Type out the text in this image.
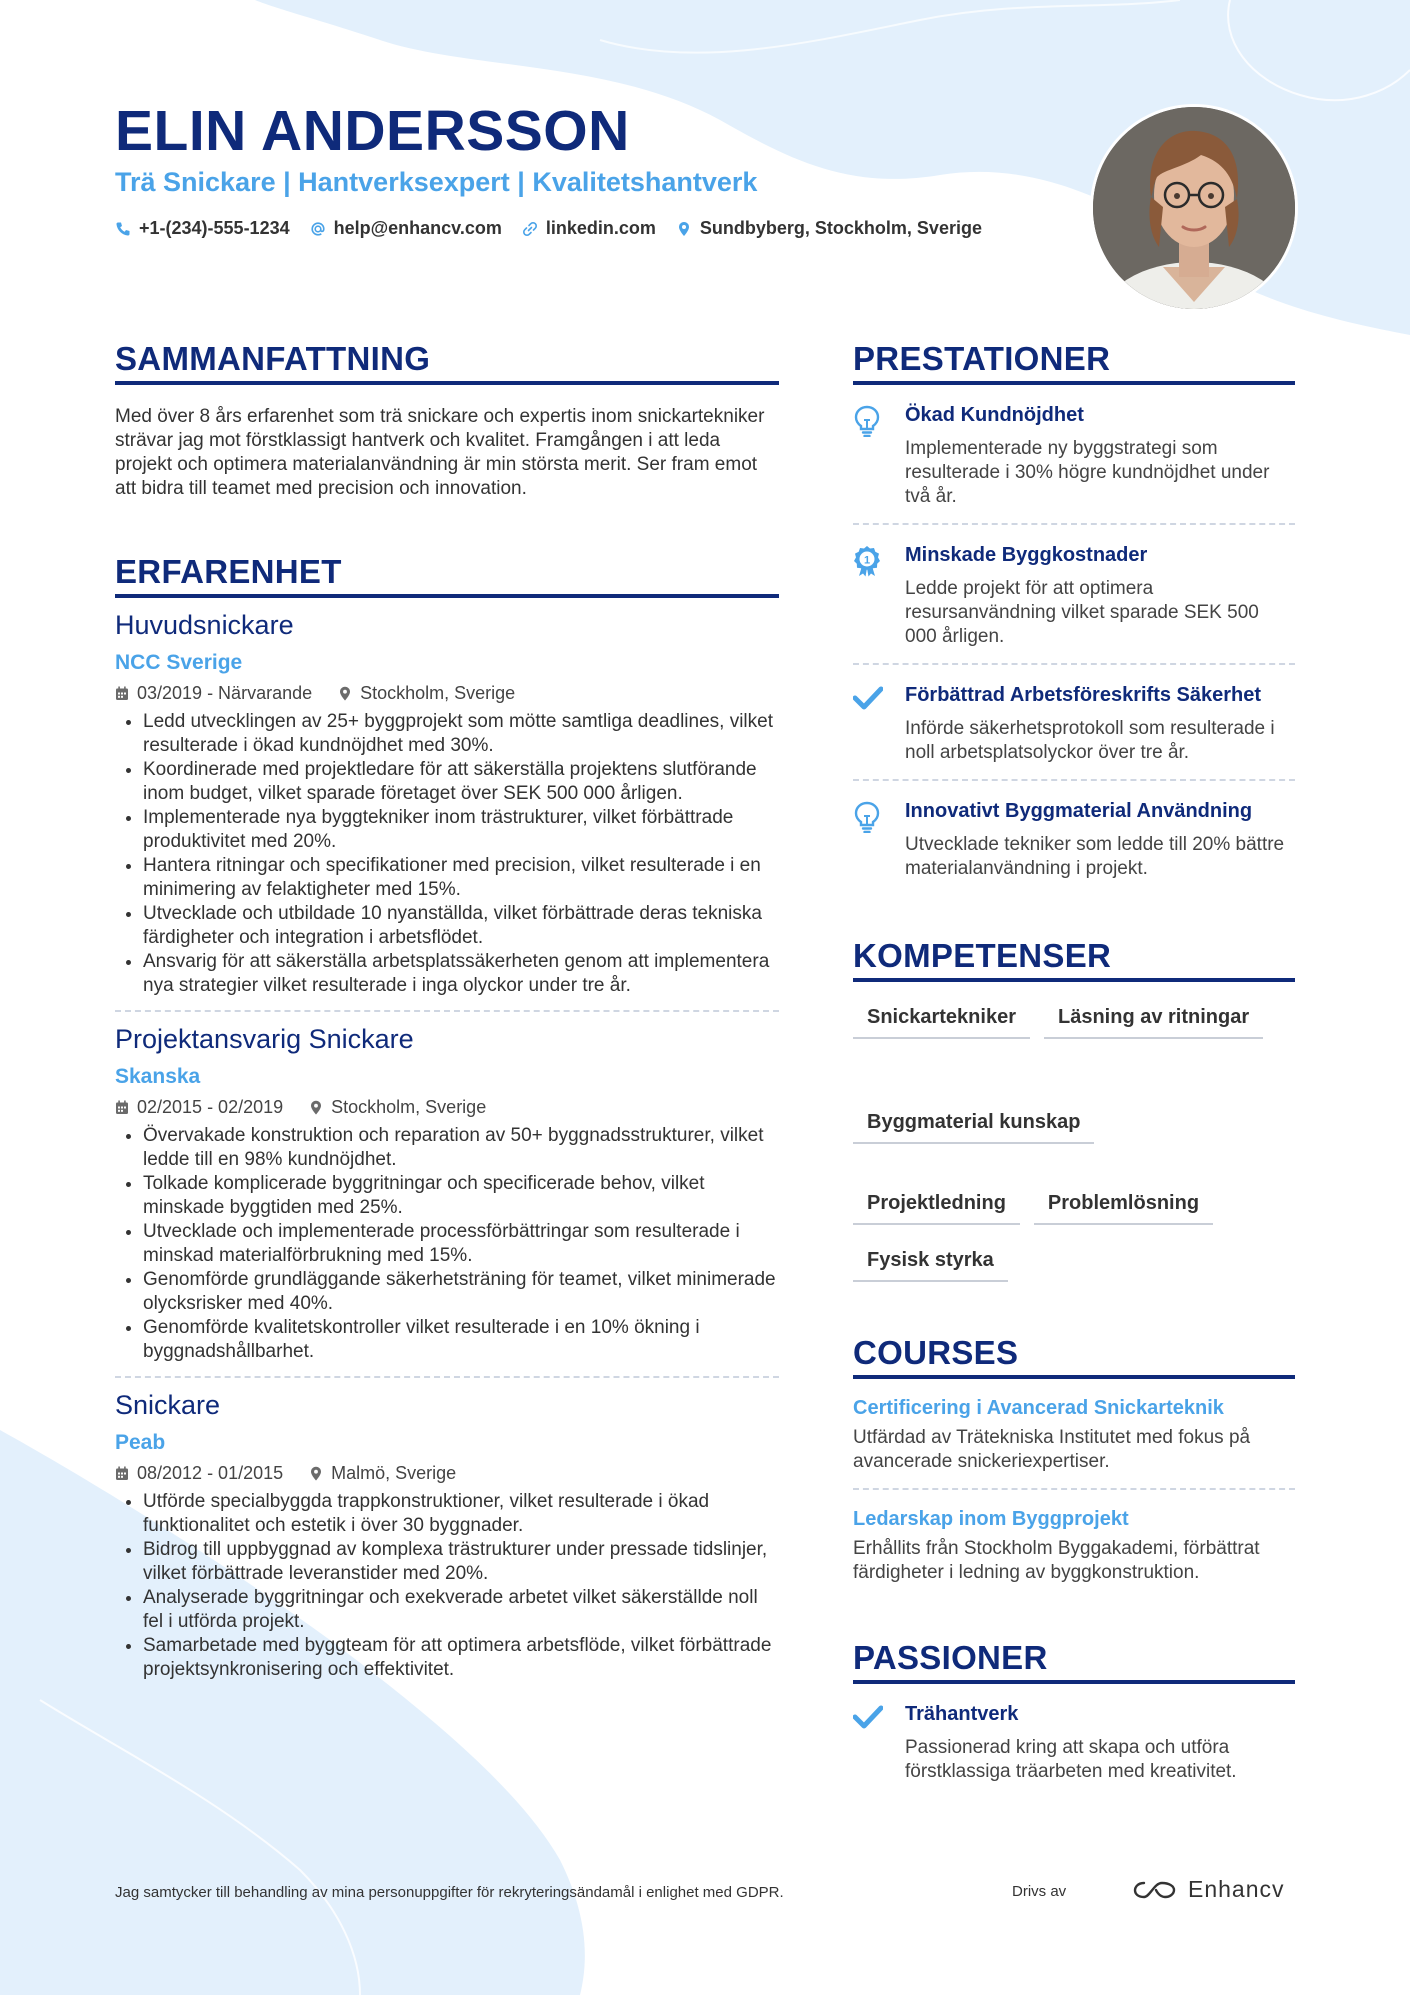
ELIN ANDERSSON
Trä Snickare | Hantverksexpert | Kvalitetshantverk
+1-(234)-555-1234 help@enhancv.com linkedin.com Sundbyberg, Stockholm, Sverige
SAMMANFATTNING
Med över 8 års erfarenhet som trä snickare och expertis inom snickartekniker strävar jag mot förstklassigt hantverk och kvalitet. Framgången i att leda projekt och optimera materialanvändning är min största merit. Ser fram emot att bidra till teamet med precision och innovation.
ERFARENHET
Huvudsnickare
NCC Sverige
03/2019 - Närvarande	Stockholm, Sverige
• Ledd utvecklingen av 25+ byggprojekt som mötte samtliga deadlines, vilket resulterade i ökad kundnöjdhet med 30%.
• Koordinerade med projektledare för att säkerställa projektens slutförande inom budget, vilket sparade företaget över SEK 500 000 årligen.
• Implementerade nya byggtekniker inom trästrukturer, vilket förbättrade produktivitet med 20%.
• Hantera ritningar och specifikationer med precision, vilket resulterade i en minimering av felaktigheter med 15%.
• Utvecklade och utbildade 10 nyanställda, vilket förbättrade deras tekniska färdigheter och integration i arbetsflödet.
• Ansvarig för att säkerställa arbetsplatssäkerheten genom att implementera nya strategier vilket resulterade i inga olyckor under tre år.
Projektansvarig Snickare
Skanska
02/2015 - 02/2019	Stockholm, Sverige
• Övervakade konstruktion och reparation av 50+ byggnadsstrukturer, vilket ledde till en 98% kundnöjdhet.
• Tolkade komplicerade byggritningar och specificerade behov, vilket minskade byggtiden med 25%.
• Utvecklade och implementerade processförbättringar som resulterade i minskad materialförbrukning med 15%.
• Genomförde grundläggande säkerhetsträning för teamet, vilket minimerade olycksrisker med 40%.
• Genomförde kvalitetskontroller vilket resulterade i en 10% ökning i byggnadshållbarhet.
Snickare
Peab
08/2012 - 01/2015	Malmö, Sverige
• Utförde specialbyggda trappkonstruktioner, vilket resulterade i ökad funktionalitet och estetik i över 30 byggnader.
• Bidrog till uppbyggnad av komplexa trästrukturer under pressade tidslinjer, vilket förbättrade leveranstider med 20%.
• Analyserade byggritningar och exekverade arbetet vilket säkerställde noll fel i utförda projekt.
• Samarbetade med byggteam för att optimera arbetsflöde, vilket förbättrade projektsynkronisering och effektivitet.
PRESTATIONER
Ökad Kundnöjdhet
Implementerade ny byggstrategi som resulterade i 30% högre kundnöjdhet under två år.
1 Minskade Byggkostnader
Ledde projekt för att optimera resursanvändning vilket sparade SEK 500 000 årligen.
Förbättrad Arbetsföreskrifts Säkerhet
Införde säkerhetsprotokoll som resulterade i noll arbetsplatsolyckor över tre år.
Innovativt Byggmaterial Användning
Utvecklade tekniker som ledde till 20% bättre materialanvändning i projekt.
KOMPETENSER
Snickartekniker	Läsning av ritningar
Byggmaterial kunskap
Projektledning	Problemlösning
Fysisk styrka
COURSES
Certificering i Avancerad Snickarteknik
Utfärdad av Trätekniska Institutet med fokus på avancerade snickeriexpertiser.
Ledarskap inom Byggprojekt
Erhållits från Stockholm Byggakademi, förbättrat färdigheter i ledning av byggkonstruktion.
PASSIONER
Trähantverk
Passionerad kring att skapa och utföra förstklassiga träarbeten med kreativitet.
Jag samtycker till behandling av mina personuppgifter för rekryteringsändamål i enlighet med GDPR.	Drivs av	Enhancv
